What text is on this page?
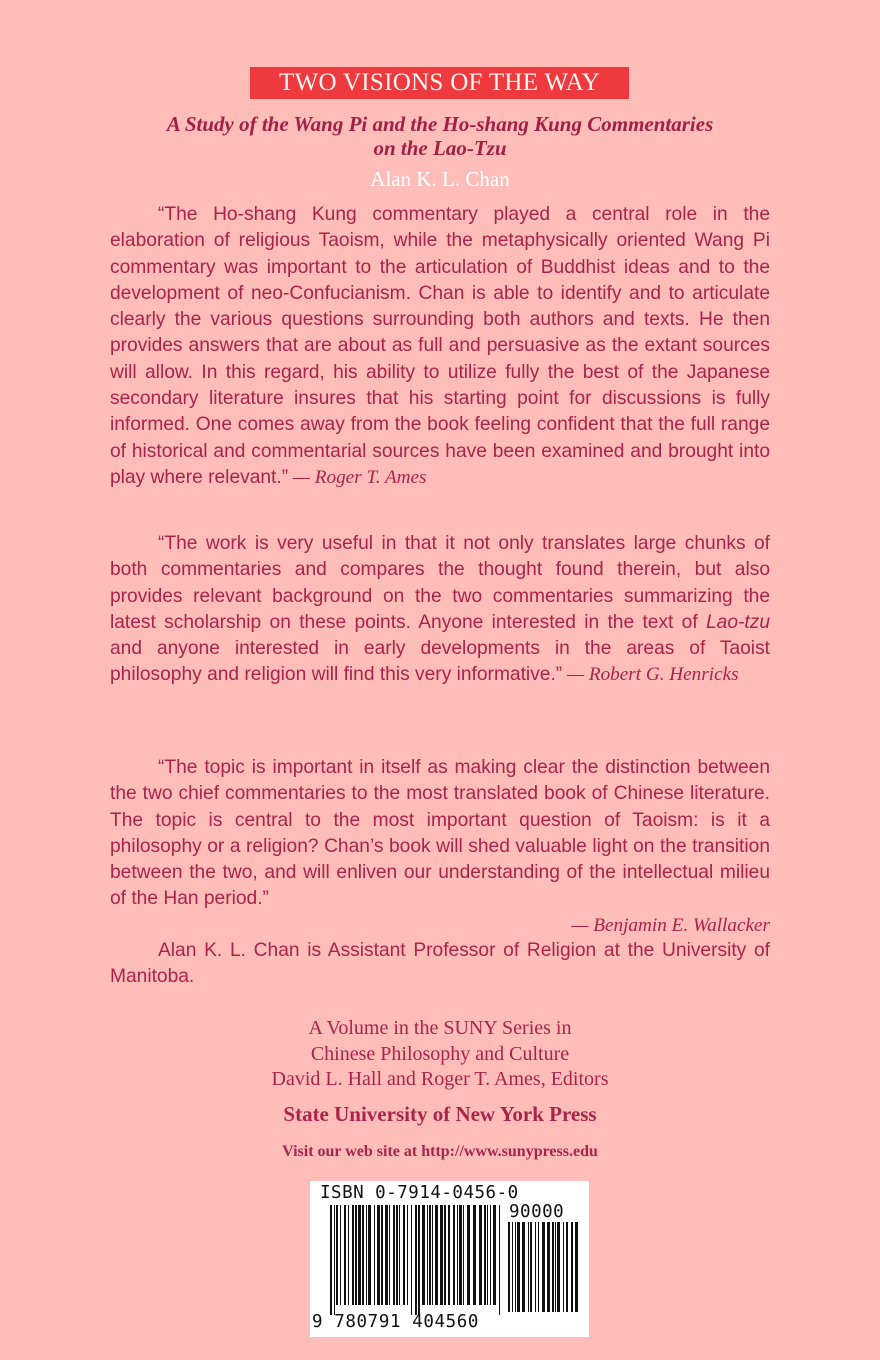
TWO VISIONS OF THE WAY
A Study of the Wang Pi and the Ho-shang Kung Commentaries
on the Lao-Tzu
Alan K. L. Chan

“The Ho-shang Kung commentary played a central role in the elaboration of religious Taoism, while the metaphysically oriented Wang Pi commentary was important to the articulation of Buddhist ideas and to the development of neo-Confucianism. Chan is able to identify and to articulate clearly the various questions surrounding both authors and texts. He then provides answers that are about as full and persuasive as the extant sources will allow. In this regard, his ability to utilize fully the best of the Japanese secondary literature insures that his starting point for discussions is fully informed. One comes away from the book feeling confident that the full range of historical and commentarial sources have been examined and brought into play where relevant.” — Roger T. Ames

“The work is very useful in that it not only translates large chunks of both commentaries and compares the thought found therein, but also provides relevant background on the two commentaries summarizing the latest scholarship on these points. Anyone interested in the text of Lao-tzu and anyone interested in early developments in the areas of Taoist philosophy and religion will find this very informative.” — Robert G. Henricks

“The topic is important in itself as making clear the distinction between the two chief commentaries to the most translated book of Chinese literature. The topic is central to the most important question of Taoism: is it a philosophy or a religion? Chan’s book will shed valuable light on the transition between the two, and will enliven our understanding of the intellectual milieu of the Han period.”

— Benjamin E. Wallacker

Alan K. L. Chan is Assistant Professor of Religion at the University of Manitoba.

A Volume in the SUNY Series in
Chinese Philosophy and Culture
David L. Hall and Roger T. Ames, Editors
State University of New York Press
Visit our web site at http://www.sunypress.edu
ISBN 0-7914-0456-0
90000
9 780791 404560
